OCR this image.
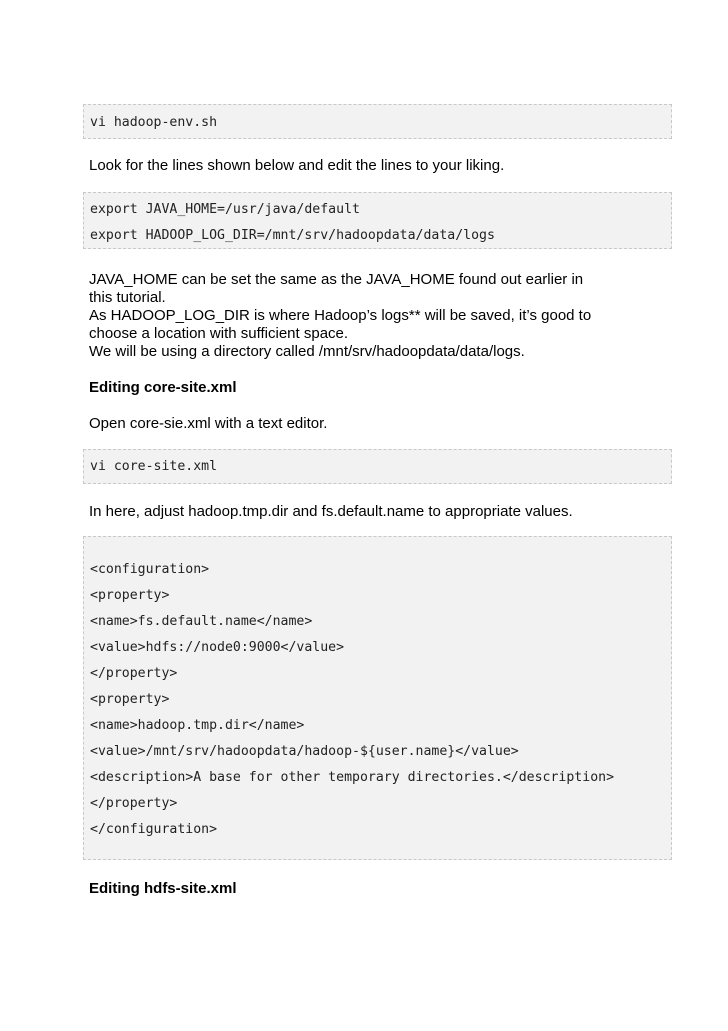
vi hadoop-env.sh
Look for the lines shown below and edit the lines to your liking.
export JAVA_HOME=/usr/java/default
export HADOOP_LOG_DIR=/mnt/srv/hadoopdata/data/logs
JAVA_HOME can be set the same as the JAVA_HOME found out earlier in
this tutorial.
As HADOOP_LOG_DIR is where Hadoop’s logs** will be saved, it’s good to
choose a location with sufficient space.
We will be using a directory called /mnt/srv/hadoopdata/data/logs.
Editing core-site.xml
Open core-sie.xml with a text editor.
vi core-site.xml
In here, adjust hadoop.tmp.dir and fs.default.name to appropriate values.
<configuration>
<property>
<name>fs.default.name</name>
<value>hdfs://node0:9000</value>
</property>
<property>
<name>hadoop.tmp.dir</name>
<value>/mnt/srv/hadoopdata/hadoop-${user.name}</value>
<description>A base for other temporary directories.</description>
</property>
</configuration>
Editing hdfs-site.xml
